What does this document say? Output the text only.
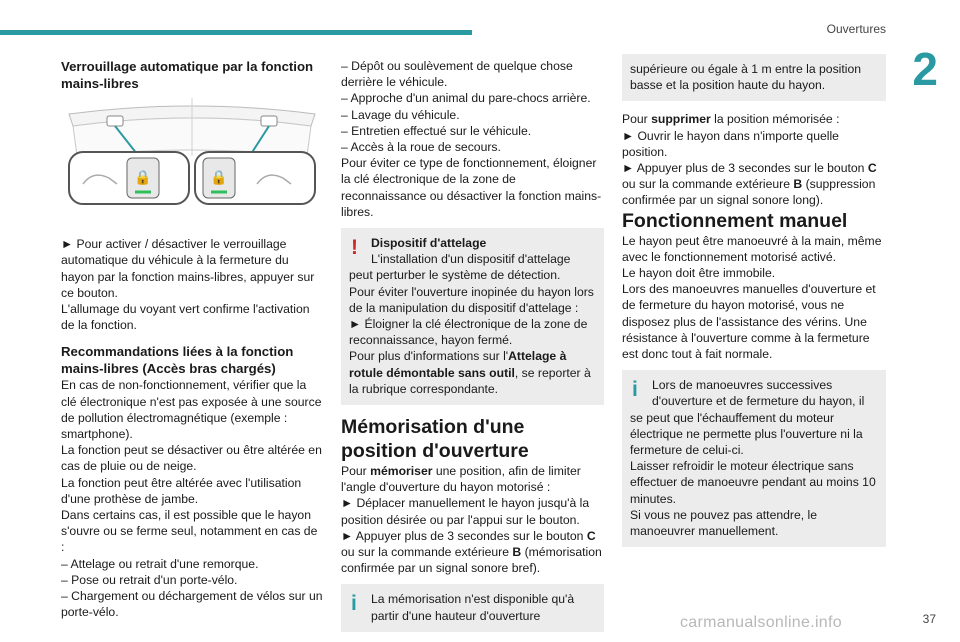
Ouvertures
2

Verrouillage automatique par la fonction mains-libres

🔒	🔒

► Pour activer / désactiver le verrouillage automatique du véhicule à la fermeture du hayon par la fonction mains-libres, appuyer sur ce bouton.

L'allumage du voyant vert confirme l'activation de la fonction.

Recommandations liées à la fonction mains-libres (Accès bras chargés)

En cas de non-fonctionnement, vérifier que la clé électronique n'est pas exposée à une source de pollution électromagnétique (exemple : smartphone).

La fonction peut se désactiver ou être altérée en cas de pluie ou de neige.

La fonction peut être altérée avec l'utilisation d'une prothèse de jambe.

Dans certains cas, il est possible que le hayon s'ouvre ou se ferme seul, notamment en cas de :

– Attelage ou retrait d'une remorque.

– Pose ou retrait d'un porte-vélo.

– Chargement ou déchargement de vélos sur un porte-vélo.

– Dépôt ou soulèvement de quelque chose derrière le véhicule.

– Approche d'un animal du pare-chocs arrière.

– Lavage du véhicule.

– Entretien effectué sur le véhicule.

– Accès à la roue de secours.

Pour éviter ce type de fonctionnement, éloigner la clé électronique de la zone de reconnaissance ou désactiver la fonction mains-libres.

!	Dispositif d'attelage

L'installation d'un dispositif d'attelage

peut perturber le système de détection.

Pour éviter l'ouverture inopinée du hayon lors de la manipulation du dispositif d'attelage :

► Éloigner la clé électronique de la zone de reconnaissance, hayon fermé.

Pour plus d'informations sur l'Attelage à rotule démontable sans outil, se reporter à la rubrique correspondante.

Mémorisation d'une position d'ouverture

Pour mémoriser une position, afin de limiter l'angle d'ouverture du hayon motorisé :

► Déplacer manuellement le hayon jusqu'à la position désirée ou par l'appui sur le bouton.

► Appuyer plus de 3 secondes sur le bouton C ou sur la commande extérieure B (mémorisation confirmée par un signal sonore bref).

i	La mémorisation n'est disponible qu'à partir d'une hauteur d'ouverture

supérieure ou égale à 1 m entre la position basse et la position haute du hayon.

Pour supprimer la position mémorisée :

► Ouvrir le hayon dans n'importe quelle position.

► Appuyer plus de 3 secondes sur le bouton C ou sur la commande extérieure B (suppression confirmée par un signal sonore long).

Fonctionnement manuel

Le hayon peut être manoeuvré à la main, même avec le fonctionnement motorisé activé.

Le hayon doit être immobile.

Lors des manoeuvres manuelles d'ouverture et de fermeture du hayon motorisé, vous ne disposez plus de l'assistance des vérins. Une résistance à l'ouverture comme à la fermeture est donc tout à fait normale.

i	Lors de manoeuvres successives d'ouverture et de fermeture du hayon, il

se peut que l'échauffement du moteur électrique ne permette plus l'ouverture ni la fermeture de celui-ci.

Laisser refroidir le moteur électrique sans effectuer de manoeuvre pendant au moins 10 minutes.

Si vous ne pouvez pas attendre, le manoeuvrer manuellement.

carmanualsonline.info	37
